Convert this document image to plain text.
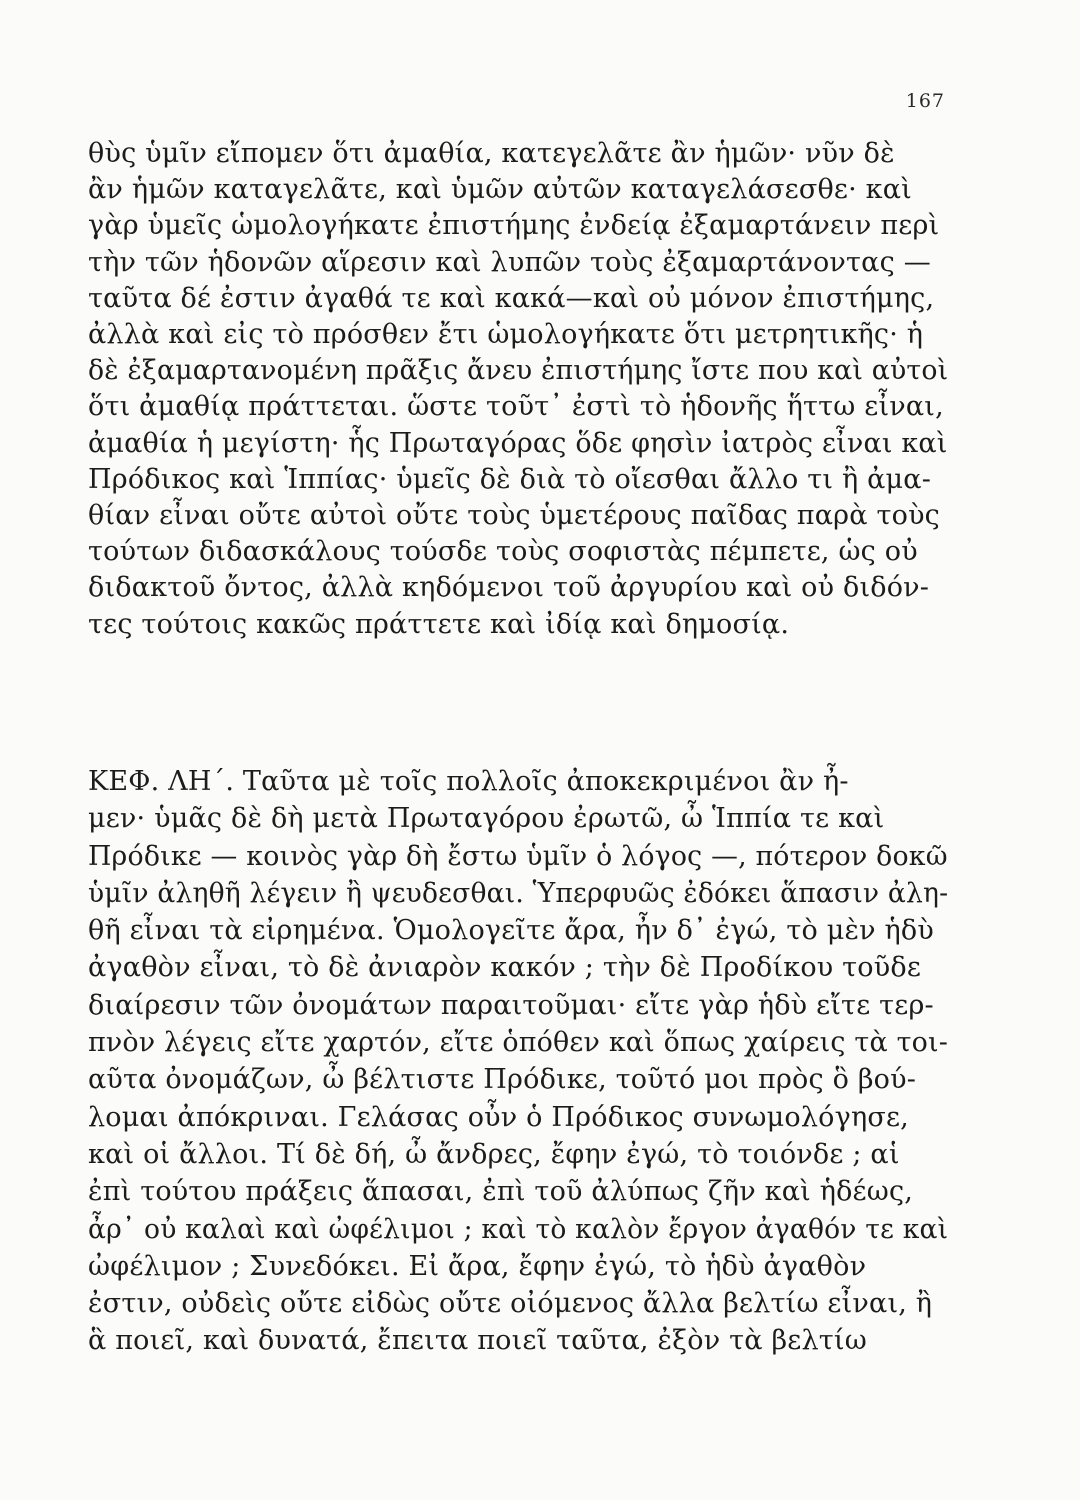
167
θὺς ὑμῖν εἴπομεν ὅτι ἀμαθία, κατεγελᾶτε ἂν ἡμῶν· νῦν δὲ
ἂν ἡμῶν καταγελᾶτε, καὶ ὑμῶν αὐτῶν καταγελάσεσθε· καὶ
γὰρ ὑμεῖς ὡμολογήκατε ἐπιστήμης ἐνδείᾳ ἐξαμαρτάνειν περὶ
τὴν τῶν ἡδονῶν αἵρεσιν καὶ λυπῶν τοὺς ἐξαμαρτάνοντας —
ταῦτα δέ ἐστιν ἀγαθά τε καὶ κακά—καὶ οὐ μόνον ἐπιστήμης,
ἀλλὰ καὶ εἰς τὸ πρόσθεν ἔτι ὡμολογήκατε ὅτι μετρητικῆς· ἡ
δὲ ἐξαμαρτανομένη πρᾶξις ἄνευ ἐπιστήμης ἴστε που καὶ αὐτοὶ
ὅτι ἀμαθίᾳ πράττεται. ὥστε τοῦτ᾽ ἐστὶ τὸ ἡδονῆς ἥττω εἶναι,
ἀμαθία ἡ μεγίστη· ἧς Πρωταγόρας ὅδε φησὶν ἰατρὸς εἶναι καὶ
Πρόδικος καὶ Ἱππίας· ὑμεῖς δὲ διὰ τὸ οἴεσθαι ἄλλο τι ἢ ἀμα-
θίαν εἶναι οὔτε αὐτοὶ οὔτε τοὺς ὑμετέρους παῖδας παρὰ τοὺς
τούτων διδασκάλους τούσδε τοὺς σοφιστὰς πέμπετε, ὡς οὐ
διδακτοῦ ὄντος, ἀλλὰ κηδόμενοι τοῦ ἀργυρίου καὶ οὐ διδόν-
τες τούτοις κακῶς πράττετε καὶ ἰδίᾳ καὶ δημοσίᾳ.
ΚΕΦ. ΛΗ΄. Ταῦτα μὲ τοῖς πολλοῖς ἀποκεκριμένοι ἂν ἦ-
μεν· ὑμᾶς δὲ δὴ μετὰ Πρωταγόρου ἐρωτῶ, ὦ Ἱππία τε καὶ
Πρόδικε — κοινὸς γὰρ δὴ ἔστω ὑμῖν ὁ λόγος —, πότερον δοκῶ
ὑμῖν ἀληθῆ λέγειν ἢ ψευδεσθαι. Ὑπερφυῶς ἐδόκει ἅπασιν ἀλη-
θῆ εἶναι τὰ εἰρημένα. Ὁμολογεῖτε ἄρα, ἦν δ᾽ ἐγώ, τὸ μὲν ἡδὺ
ἀγαθὸν εἶναι, τὸ δὲ ἀνιαρὸν κακόν ; τὴν δὲ Προδίκου τοῦδε
διαίρεσιν τῶν ὀνομάτων παραιτοῦμαι· εἴτε γὰρ ἡδὺ εἴτε τερ-
πνὸν λέγεις εἴτε χαρτόν, εἴτε ὁπόθεν καὶ ὅπως χαίρεις τὰ τοι-
αῦτα ὀνομάζων, ὦ βέλτιστε Πρόδικε, τοῦτό μοι πρὸς ὃ βού-
λομαι ἀπόκριναι. Γελάσας οὖν ὁ Πρόδικος συνωμολόγησε,
καὶ οἱ ἄλλοι. Τί δὲ δή, ὦ ἄνδρες, ἔφην ἐγώ, τὸ τοιόνδε ; αἱ
ἐπὶ τούτου πράξεις ἅπασαι, ἐπὶ τοῦ ἀλύπως ζῆν καὶ ἡδέως,
ἆρ᾽ οὐ καλαὶ καὶ ὠφέλιμοι ; καὶ τὸ καλὸν ἔργον ἀγαθόν τε καὶ
ὠφέλιμον ; Συνεδόκει. Εἰ ἄρα, ἔφην ἐγώ, τὸ ἡδὺ ἀγαθὸν
ἐστιν, οὐδεὶς οὔτε εἰδὼς οὔτε οἰόμενος ἄλλα βελτίω εἶναι, ἢ
ἃ ποιεῖ, καὶ δυνατά, ἔπειτα ποιεῖ ταῦτα, ἐξὸν τὰ βελτίω
